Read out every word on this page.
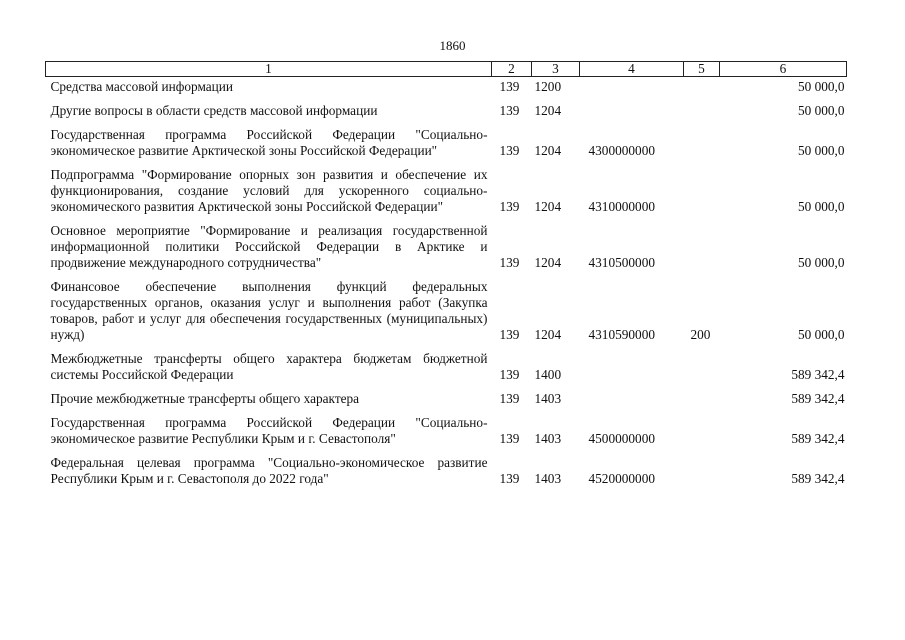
1860
1	2	3	4	5	6

Средства массовой информации	139	1200			50 000,0

Другие вопросы в области средств массовой информации	139	1204			50 000,0

Государственная программа Российской Федерации "Социально-экономическое развитие Арктической зоны Российской Федерации"	139	1204	4300000000		50 000,0

Подпрограмма "Формирование опорных зон развития и обеспечение их функционирования, создание условий для ускоренного социально-экономического развития Арктической зоны Российской Федерации"	139	1204	4310000000		50 000,0

Основное мероприятие "Формирование и реализация государственной информационной политики Российской Федерации в Арктике и продвижение международного сотрудничества"	139	1204	4310500000		50 000,0

Финансовое обеспечение выполнения функций федеральных государственных органов, оказания услуг и выполнения работ (Закупка товаров, работ и услуг для обеспечения государственных (муниципальных) нужд)	139	1204	4310590000	200	50 000,0

Межбюджетные трансферты общего характера бюджетам бюджетной системы Российской Федерации	139	1400			589 342,4

Прочие межбюджетные трансферты общего характера	139	1403			589 342,4

Государственная программа Российской Федерации "Социально-экономическое развитие Республики Крым и г. Севастополя"	139	1403	4500000000		589 342,4

Федеральная целевая программа "Социально-экономическое развитие Республики Крым и г. Севастополя до 2022 года"	139	1403	4520000000		589 342,4
